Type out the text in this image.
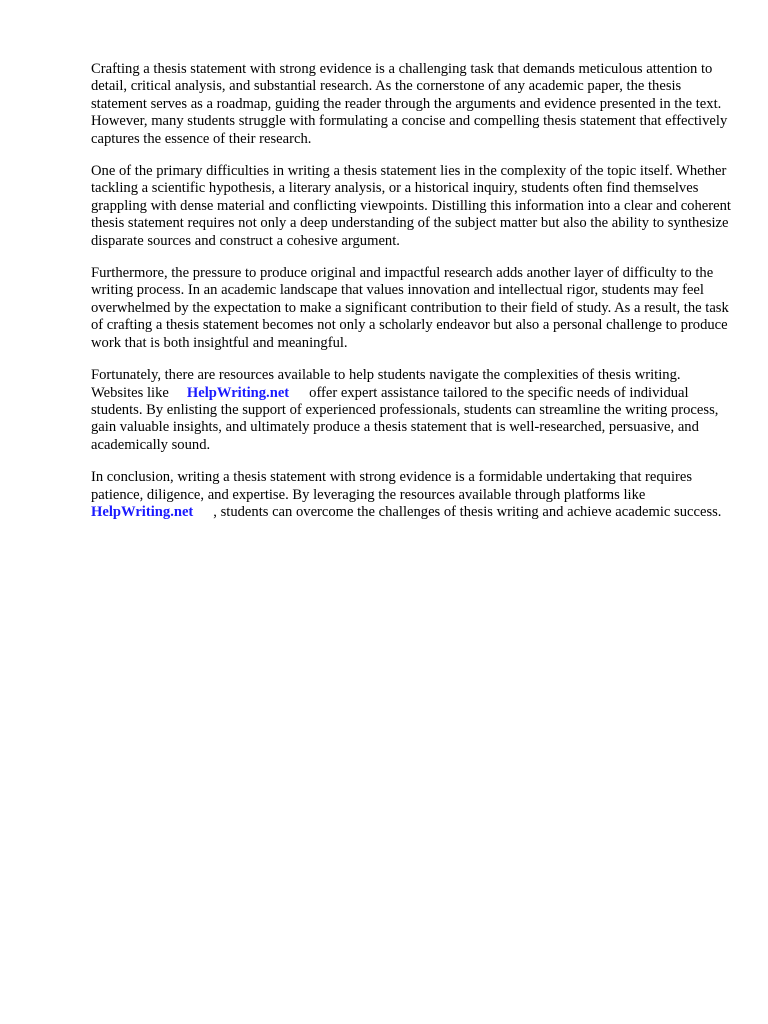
Crafting a thesis statement with strong evidence is a challenging task that demands meticulous attention to detail, critical analysis, and substantial research. As the cornerstone of any academic paper, the thesis statement serves as a roadmap, guiding the reader through the arguments and evidence presented in the text. However, many students struggle with formulating a concise and compelling thesis statement that effectively captures the essence of their research.

One of the primary difficulties in writing a thesis statement lies in the complexity of the topic itself. Whether tackling a scientific hypothesis, a literary analysis, or a historical inquiry, students often find themselves grappling with dense material and conflicting viewpoints. Distilling this information into a clear and coherent thesis statement requires not only a deep understanding of the subject matter but also the ability to synthesize disparate sources and construct a cohesive argument.

Furthermore, the pressure to produce original and impactful research adds another layer of difficulty to the writing process. In an academic landscape that values innovation and intellectual rigor, students may feel overwhelmed by the expectation to make a significant contribution to their field of study. As a result, the task of crafting a thesis statement becomes not only a scholarly endeavor but also a personal challenge to produce work that is both insightful and meaningful.

Fortunately, there are resources available to help students navigate the complexities of thesis writing. Websites like HelpWriting.net offer expert assistance tailored to the specific needs of individual students. By enlisting the support of experienced professionals, students can streamline the writing process, gain valuable insights, and ultimately produce a thesis statement that is well-researched, persuasive, and academically sound.

In conclusion, writing a thesis statement with strong evidence is a formidable undertaking that requires patience, diligence, and expertise. By leveraging the resources available through platforms likeHelpWriting.net , students can overcome the challenges of thesis writing and achieve academic success.
